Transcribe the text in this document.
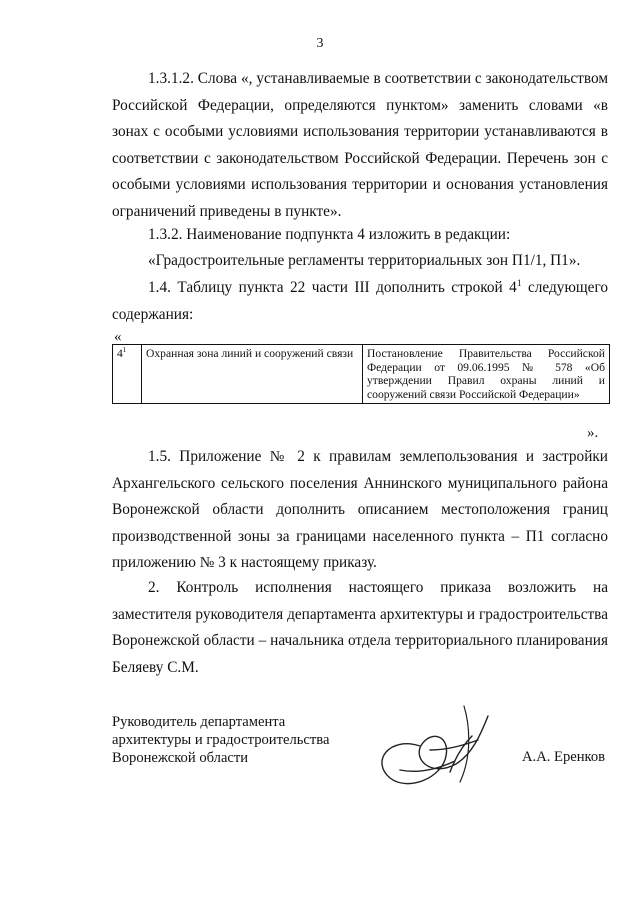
3

1.3.1.2. Слова «, устанавливаемые в соответствии с законодательством Российской Федерации, определяются пунктом» заменить словами «в зонах с особыми условиями использования территории устанавливаются в соответствии с законодательством Российской Федерации. Перечень зон с особыми условиями использования территории и основания установления ограничений приведены в пункте».

1.3.2. Наименование подпункта 4 изложить в редакции:

«Градостроительные регламенты территориальных зон П1/1, П1».

1.4. Таблицу пункта 22 части III дополнить строкой $4^1$ следующего содержания:

«
$4^1$	Охранная зона линий и сооружений связи	Постановление Правительства Российской Федерации от 09.06.1995 № 578 «Об утверждении Правил охраны линий и сооружений связи Российской Федерации»
».

1.5. Приложение № 2 к правилам землепользования и застройки Архангельского сельского поселения Аннинского муниципального района Воронежской области дополнить описанием местоположения границ производственной зоны за границами населенного пункта – П1 согласно приложению № 3 к настоящему приказу.

2. Контроль исполнения настоящего приказа возложить на заместителя руководителя департамента архитектуры и градостроительства Воронежской области – начальника отдела территориального планирования Беляеву С.М.

Руководитель департамента
архитектуры и градостроительства
Воронежской области	А.А. Еренков
